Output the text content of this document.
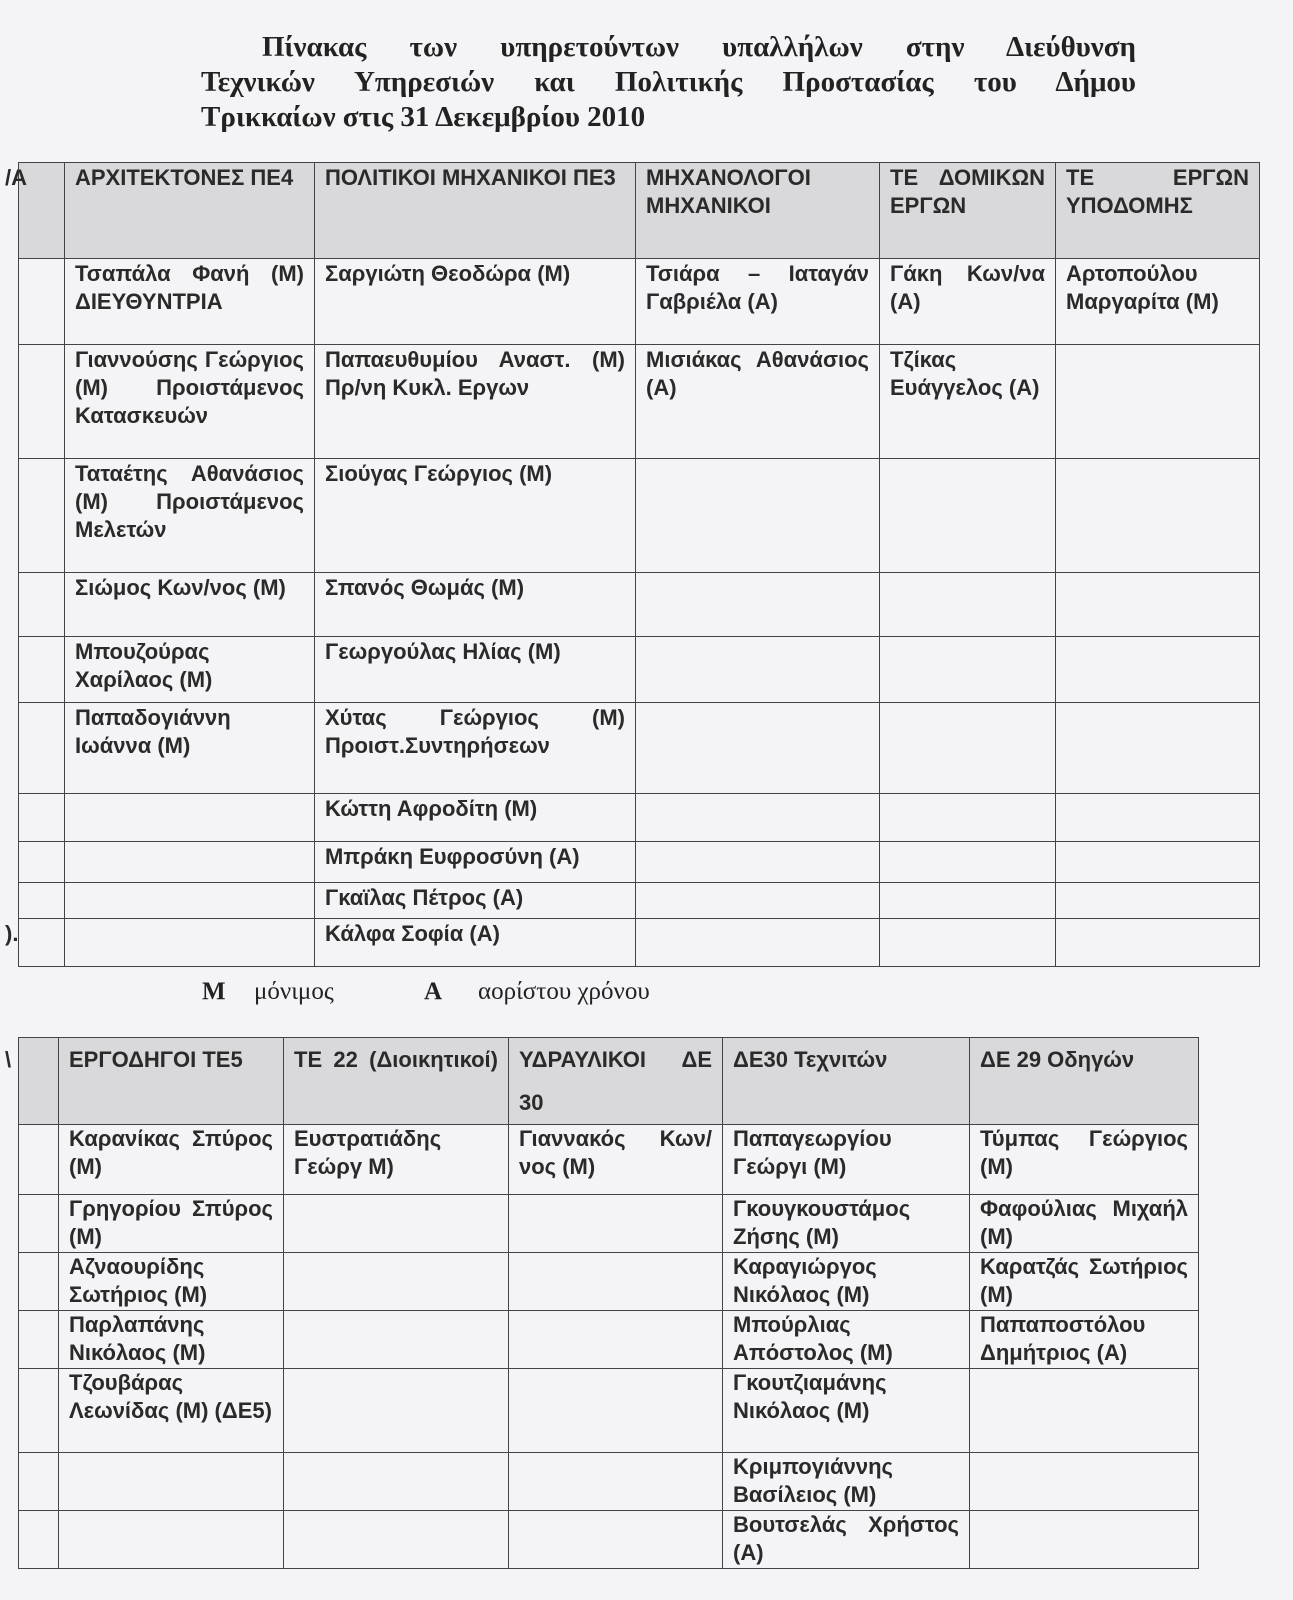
Πίνακας των υπηρετούντων υπαλλήλων στην Διεύθυνση
Τεχνικών Υπηρεσιών και Πολιτικής Προστασίας του Δήμου
Τρικκαίων στις 31 Δεκεμβρίου 2010
/Α	ΑΡΧΙΤΕΚΤΟΝΕΣ ΠΕ4	ΠΟΛΙΤΙΚΟΙ ΜΗΧΑΝΙΚΟΙ ΠΕ3	ΜΗΧΑΝΟΛΟΓΟΙ ΜΗΧΑΝΙΚΟΙ	ΤΕ ΔΟΜΙΚΩΝ ΕΡΓΩΝ	ΤΕ ΕΡΓΩΝ ΥΠΟΔΟΜΗΣ

	Τσαπάλα Φανή (Μ) ΔΙΕΥΘΥΝΤΡΙΑ	Σαργιώτη Θεοδώρα (Μ)	Τσιάρα – Ιαταγάν Γαβριέλα (Α)	Γάκη Κων/να (Α)	Αρτοπούλου Μαργαρίτα (Μ)

	Γιαννούσης Γεώργιος (Μ) Προιστάμενος Κατασκευών	Παπαευθυμίου Αναστ. (Μ) Πρ/νη Κυκλ. Εργων	Μισιάκας Αθανάσιος (Α)	Τζίκας Ευάγγελος (Α)	

	Ταταέτης Αθανάσιος (Μ) Προιστάμενος Μελετών	Σιούγας Γεώργιος (Μ)			

	Σιώμος Κων/νος (Μ)	Σπανός Θωμάς (Μ)			

	Μπουζούρας Χαρίλαος (Μ)	Γεωργούλας Ηλίας (Μ)			

	Παπαδογιάννη Ιωάννα (Μ)	Χύτας Γεώργιος (Μ) Προιστ.Συντηρήσεων			

		Κώττη Αφροδίτη (Μ)			

		Μπράκη Ευφροσύνη (Α)			

		Γκαϊλας Πέτρος (Α)			

).		Κάλφα Σοφία (Α)			
Μ μόνιμος	Α αορίστου χρόνου
\	ΕΡΓΟΔΗΓΟΙ ΤΕ5	ΤΕ 22 (Διοικητικοί)	ΥΔΡΑΥΛΙΚΟΙ ΔΕ 30	ΔΕ30 Τεχνιτών	ΔΕ 29 Οδηγών

	Καρανίκας Σπύρος (Μ)	Ευστρατιάδης Γεώργ Μ)	Γιαννακός Κων/νος (Μ)	Παπαγεωργίου Γεώργι (Μ)	Τύμπας Γεώργιος (Μ)

	Γρηγορίου Σπύρος (Μ)			Γκουγκουστάμος Ζήσης (Μ)	Φαφούλιας Μιχαήλ (Μ)

	Αζναουρίδης Σωτήριος (Μ)			Καραγιώργος Νικόλαος (Μ)	Καρατζάς Σωτήριος (Μ)

	Παρλαπάνης Νικόλαος (Μ)			Μπούρλιας Απόστολος (Μ)	Παπαποστόλου Δημήτριος (Α)

	Τζουβάρας Λεωνίδας (Μ) (ΔΕ5)			Γκουτζιαμάνης Νικόλαος (Μ)	

				Κριμπογιάννης Βασίλειος (Μ)	

				Βουτσελάς Χρήστος (Α)	
